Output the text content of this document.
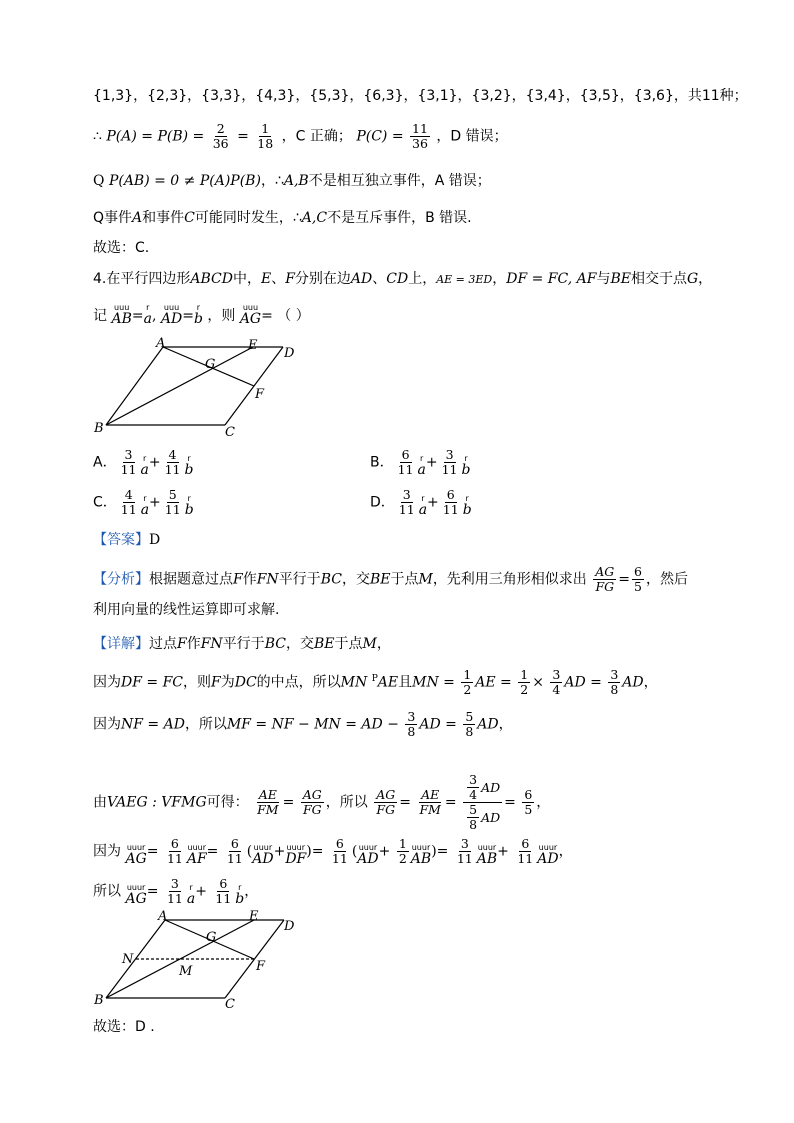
{1,3}，{2,3}，{3,3}，{4,3}，{5,3}，{6,3}，{3,1}，{3,2}，{3,4}，{3,5}，{3,6}，共11种；
∴ $P(A) = P(B) = \frac{2}{36} = \frac{1}{18}$ ，C 正确； $P(C) = \frac{11}{36}$ ，D 错误；
Q P(AB) = 0 ≠ P(A)P(B)，∴A,B不是相互独立事件，A 错误；
Q事件A和事件C可能同时发生，∴A,C不是互斥事件，B 错误.
故选：C.
4.在平行四边形ABCD中，E、F分别在边AD、CD上，AE = 3ED，DF = FC, AF与BE相交于点G，
记
uuu
AB =
r
a ,
uuu
AD =
r
b ，则
uuu
AG = （ ）
A	E
D
G
F
B	C
A． $\frac{3}{11}$ r
$a + \frac{4}{11}$ r
b	B． $\frac{6}{11}$ r
$a + \frac{3}{11}$ r
b
C． $\frac{4}{11}$ r
$a + \frac{5}{11}$ r
b	D． $\frac{3}{11}$ r
$a + \frac{6}{11}$ r
b
【答案】D
【分析】根据题意过点F作FN平行于BC，交BE于点M，先利用三角形相似求出 $\frac{AG}{FG} = \frac{6}{5}$ ，然后
利用向量的线性运算即可求解.
【详解】过点F作FN平行于BC，交BE于点M，
因为DF = FC，则F为DC的中点，所以MN $^P$AE且MN = $\frac{1}{2}$ AE = $\frac{1}{2} \times \frac{3}{4}$ AD = $\frac{3}{8}$ AD，
因为NF = AD，所以MF = NF − MN = AD − $\frac{3}{8}$ AD = $\frac{5}{8}$ AD，
由VAEG : VFMG可得： $\frac{AE}{FM} = \frac{AG}{FG}$ ，所以 $\frac{AG}{FG} = \frac{AE}{FM} = \frac{\frac{3}{4} AD}{\frac{5}{8} AD} = \frac{6}{5}$ ，
因为 uuur
AG = $\frac{6}{11}$ uuur
AF = $\frac{6}{11}$ ( uuur
AD + uuur
DF )= $\frac{6}{11}$ ( uuur
AD + $\frac{1}{2}$ uuur
AB )= $\frac{3}{11}$ uuur
AB + $\frac{6}{11}$ uuur
AD ，
所以 uuur
AG = $\frac{3}{11}$ r
$a + \frac{6}{11}$ r
b ，
A	E
D
G
N
M	F
B	C
故选：D .
